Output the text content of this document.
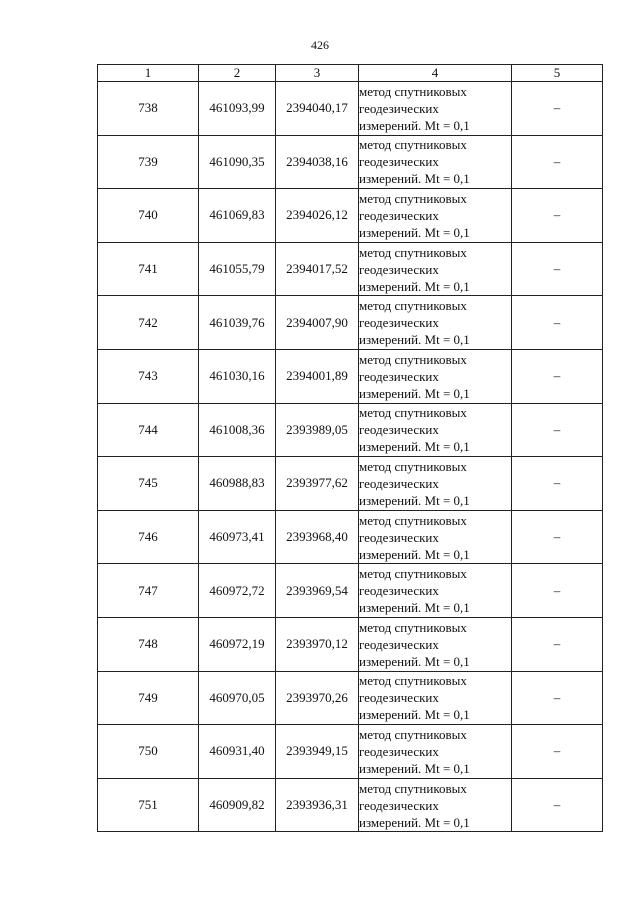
426
1	2	3	4	5
738	461093,99	2394040,17	метод спутниковых
геодезических
измерений. Mt = 0,1	–
739	461090,35	2394038,16	метод спутниковых
геодезических
измерений. Mt = 0,1	–
740	461069,83	2394026,12	метод спутниковых
геодезических
измерений. Mt = 0,1	–
741	461055,79	2394017,52	метод спутниковых
геодезических
измерений. Mt = 0,1	–
742	461039,76	2394007,90	метод спутниковых
геодезических
измерений. Mt = 0,1	–
743	461030,16	2394001,89	метод спутниковых
геодезических
измерений. Mt = 0,1	–
744	461008,36	2393989,05	метод спутниковых
геодезических
измерений. Mt = 0,1	–
745	460988,83	2393977,62	метод спутниковых
геодезических
измерений. Mt = 0,1	–
746	460973,41	2393968,40	метод спутниковых
геодезических
измерений. Mt = 0,1	–
747	460972,72	2393969,54	метод спутниковых
геодезических
измерений. Mt = 0,1	–
748	460972,19	2393970,12	метод спутниковых
геодезических
измерений. Mt = 0,1	–
749	460970,05	2393970,26	метод спутниковых
геодезических
измерений. Mt = 0,1	–
750	460931,40	2393949,15	метод спутниковых
геодезических
измерений. Mt = 0,1	–
751	460909,82	2393936,31	метод спутниковых
геодезических
измерений. Mt = 0,1	–
